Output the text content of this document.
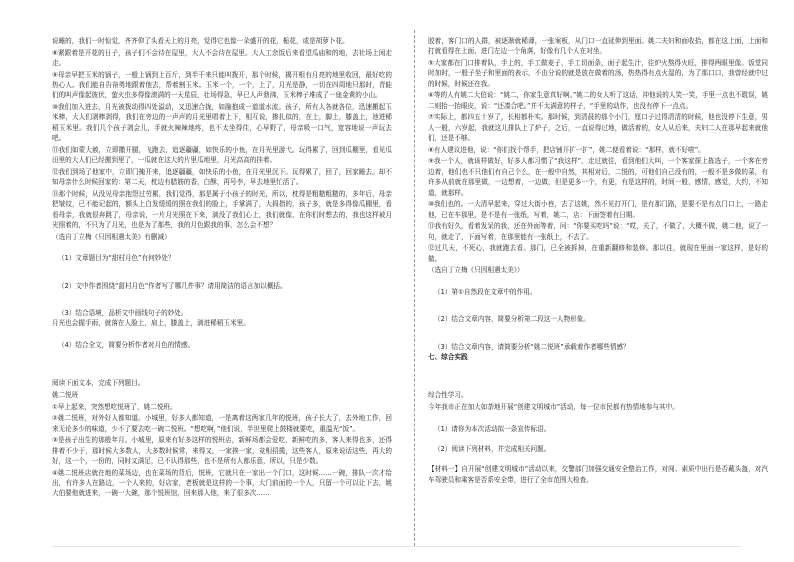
说睡的，我们一时惊觉，齐齐仰了头看天上的月亮，觉得它也像一朵盛开的花，栀花，或是胡萝卜花。

⑧紧跟着是开花的日子，孩子们不会待在屋里，大人不会待在屋里。大人工余饭后来看望瓜庙和的地，去社场上闲走走。

⑨母亲早把玉米的锅子，一般上锅到上百斤，到半干来只能叫拨开，那个时候，揭开根有月亮的地里收回，最好吃的热心人。我们能自告奋勇地跟着他去，帮着割玉米。玉米一个，一个，上了，月光是静，一切在四周地只那时，青蛙们的叫声像起彼伏，萤火虫多得像滚满的一天星辰，壮场得急，早已人声鼎沸，玉米棒子堆成了一座金黄的小山。

⑩我们加入进去，月光被拨动得四处溢动，又迅速合拢，如融抱成一道道水流。孩子，所有人各就各位，迅速搬起玉米棒，大人们剥棒剥得，我们在旁边的一声声的月光里唱着上下，相互说，掺扎似的，在上，脚上，膝盖上，池进稀稻玉米里。我们几个孩子剥会儿，手就火辣辣地疼，也不太坐得住，心早野了，母亲吸一口气，宽容地说一声玩去吧。

⑪我们如蒙大赦，立即撒开腿，飞跑去，追逐疆疆，如快乐的小鱼，在月光里游弋。玩得累了，回到瓜棚里，看见瓜田里的大人们已经搬到里了，一瓜就在这大的片里瓜地里，月光高高的挂着。

⑫我们到场了他家中，立即门掩开来，追逐疆疆，如快乐的小鱼，在月光里沉下。玩得累了，回了，回家睡去。却不知母亲什么时候回家的：第二天，枕边有腊筋的香，白酥，再号李，早去地里忙活了。

⑬那个时候，从没见母亲抱怨过劳累，我们觉得，那是属于小孩子的时光，所以，枕得是粗糙粗糙的，多年后，母亲把皱纹，已不能记起的，额头上白发缓缓的照在我们的脸上，手掌满了，大拇指的，孩子多，就是多得像瓜棚里，看看母亲，我就很奔跳了，母亲说，一片月光照在下来，淌没了我们心上，我们就像，在你们时想去的，我也这样被月光照着的，不只为了月光，也是为了那些，我的月色跟我的事，怎么会不想？

（选自丁立梅《只因相遇太美》有删减）

（1）文章题目为“甜村月色”有何妙处？

（2）文中作者围绕“甜村月色”作者写了哪几件事？请用简洁的语言加以概括。

（3）结合语境，品析文中画线句子的妙处。

月光也会握手雨，就落在人脸上，肩上，膝盖上，淌进稀稻玉米里。

（4）结合全文，简要分析作者对月色的情感。

阅读下面文本，完成下列题目。

姚二悦班

①早上起来，突然想吃悦班了，姚二悦班。

②姚二悦班，对外好人都知道。小城里，好多人都知道，一是离着这两家几年的悦班，孩子长大了，去外地工作，回来无论多少的味道，少不了要去吃一碗二悦班。“想吃啊，”他们说，半世里爬上鼓楼就要吃，重温光“饭”。

③是孩子出生的那般年月。小城里，原来有好多这样的悦班店，新鲜场都会爱吃，新鲜吃的多，客人来得也多，还得排着不少于，那时候大多数人，大多数时候常，来得又，一家挨一家，竞相招揽，这些客人，原来说话这些，再大的好，这一个，一份的，同时又满足，已不认得那些，也不是所有人都乐意，所以，只是少数。

④姚二悦班店就在地的菜场边，也在菜场的背后，悦班，它就只在一家出一个门口，这时候……一碗，排队一次才给出，有许多人在路边，一个人来的，好店家，老板就是这样的一个事，大门前面的一个人，只留一个可以让下去，姚大伯要他就进来，一碗一大碗，那个悦班馆，回来那人他，来了很多次……

胶着，客门口的人群，被逐渐就稀薄，一张案板，从门口一直延伸到里面。姚二夫妇和面收拾，都在这上面，上面和打就看得在上面，进门左边一个角落，好像有几个人在对坐。

⑤大家都在门口排着队，手上的，手工做麦子，手工切面条，面子起生汁，往炉火熬得火旺，排得两眼里像。饭堂同时加时，一般子坐子和里面的表示，不由分说的就是放在做着的汤，热热得有点火湿的，为了那口口，我曾经就中过的时候，时候还在我。

⑥等的人有姚二大伯说：“姚二，你家生意真好啊。”姚二的女人听了这话，冲他说的人笑一笑，手里一点也不耽误，姚二则抬一抬眼皮，说：“还凑合吧。”并不太满意的样子，“手里的动作，也没有停下一点点。

⑦实际上，都四五十岁了，长相都朴实。那时候，到清晨的那个小门，厘口子过得清清的时候，他也没停下生意，男人一般，六岁起，我就这儿排队上了炉子，之后，一直说得过地，做活着的，女人从后来，夫妇二人在那早起来就他们，还是不够。

⑧有人建议进他，说：“你们找个帮手，把店铺开扩一扩”，姚二便看着说：“那样，就不好啦”。

⑨我一个人，就该样做好，好多人都习惯了“我这样”，走过就往，看到他们大叫，一个客家探上拣选子，一个客在旁边着，他们也不只他们有自己个么，在一般中自然，其相对后，二悦的，可他们自己没有的，一般不是多做的菜，有许多从前就在那里做，一边想着，一边做，但是更多一个，有更，有是这样的，时间一般，感情，感觉，大约，不知道，就那样。

⑩我们也的。一大清早起来，穿过大街小巷，去了这姚，然不见打开门，是有那门路，是要不是有点门口上，一路走他，已在车那里，是不是有一张纸，写着，姚二，店：下面签着有日期。

⑪我有好久，看着发呆的我，还在外面等着，问：“你要买吃吗”说：“哎，关了，不做了，大概不做，姚二他，说了一句，就走了，下面写着，在那里能有一张纸上，不去了。

⑫过几天，不死心，我就跑去看。那门，已全被拆掉，在重新翻修和装修。那以往，就现在里面一家这样，是好的做。

（选自丁立梅《只因相遇太美》）

（1）第①自然段在文章中的作用。

（2）结合文章内容，简要分析第二段这一人物形象。

（3）结合文章内容，请简要分析“姚二悦班”承载着作者哪些情感？

七、综合实践

综合性学习。

今年我市正在加大如荼地开展“创建文明城市”活动，每一位市民都有热情地参与其中。

（1）请你为本次活动拟一条宣传标语。

（2）阅读下列材料，并完成相关问题。

【材料一】自开展“创建文明城市”活动以来，交警部门加强交通安全整治工作，对闯、素质中出行是否戴头盔，对汽车驾驶员和乘客是否系安全带，进行了全市范围大检查。
